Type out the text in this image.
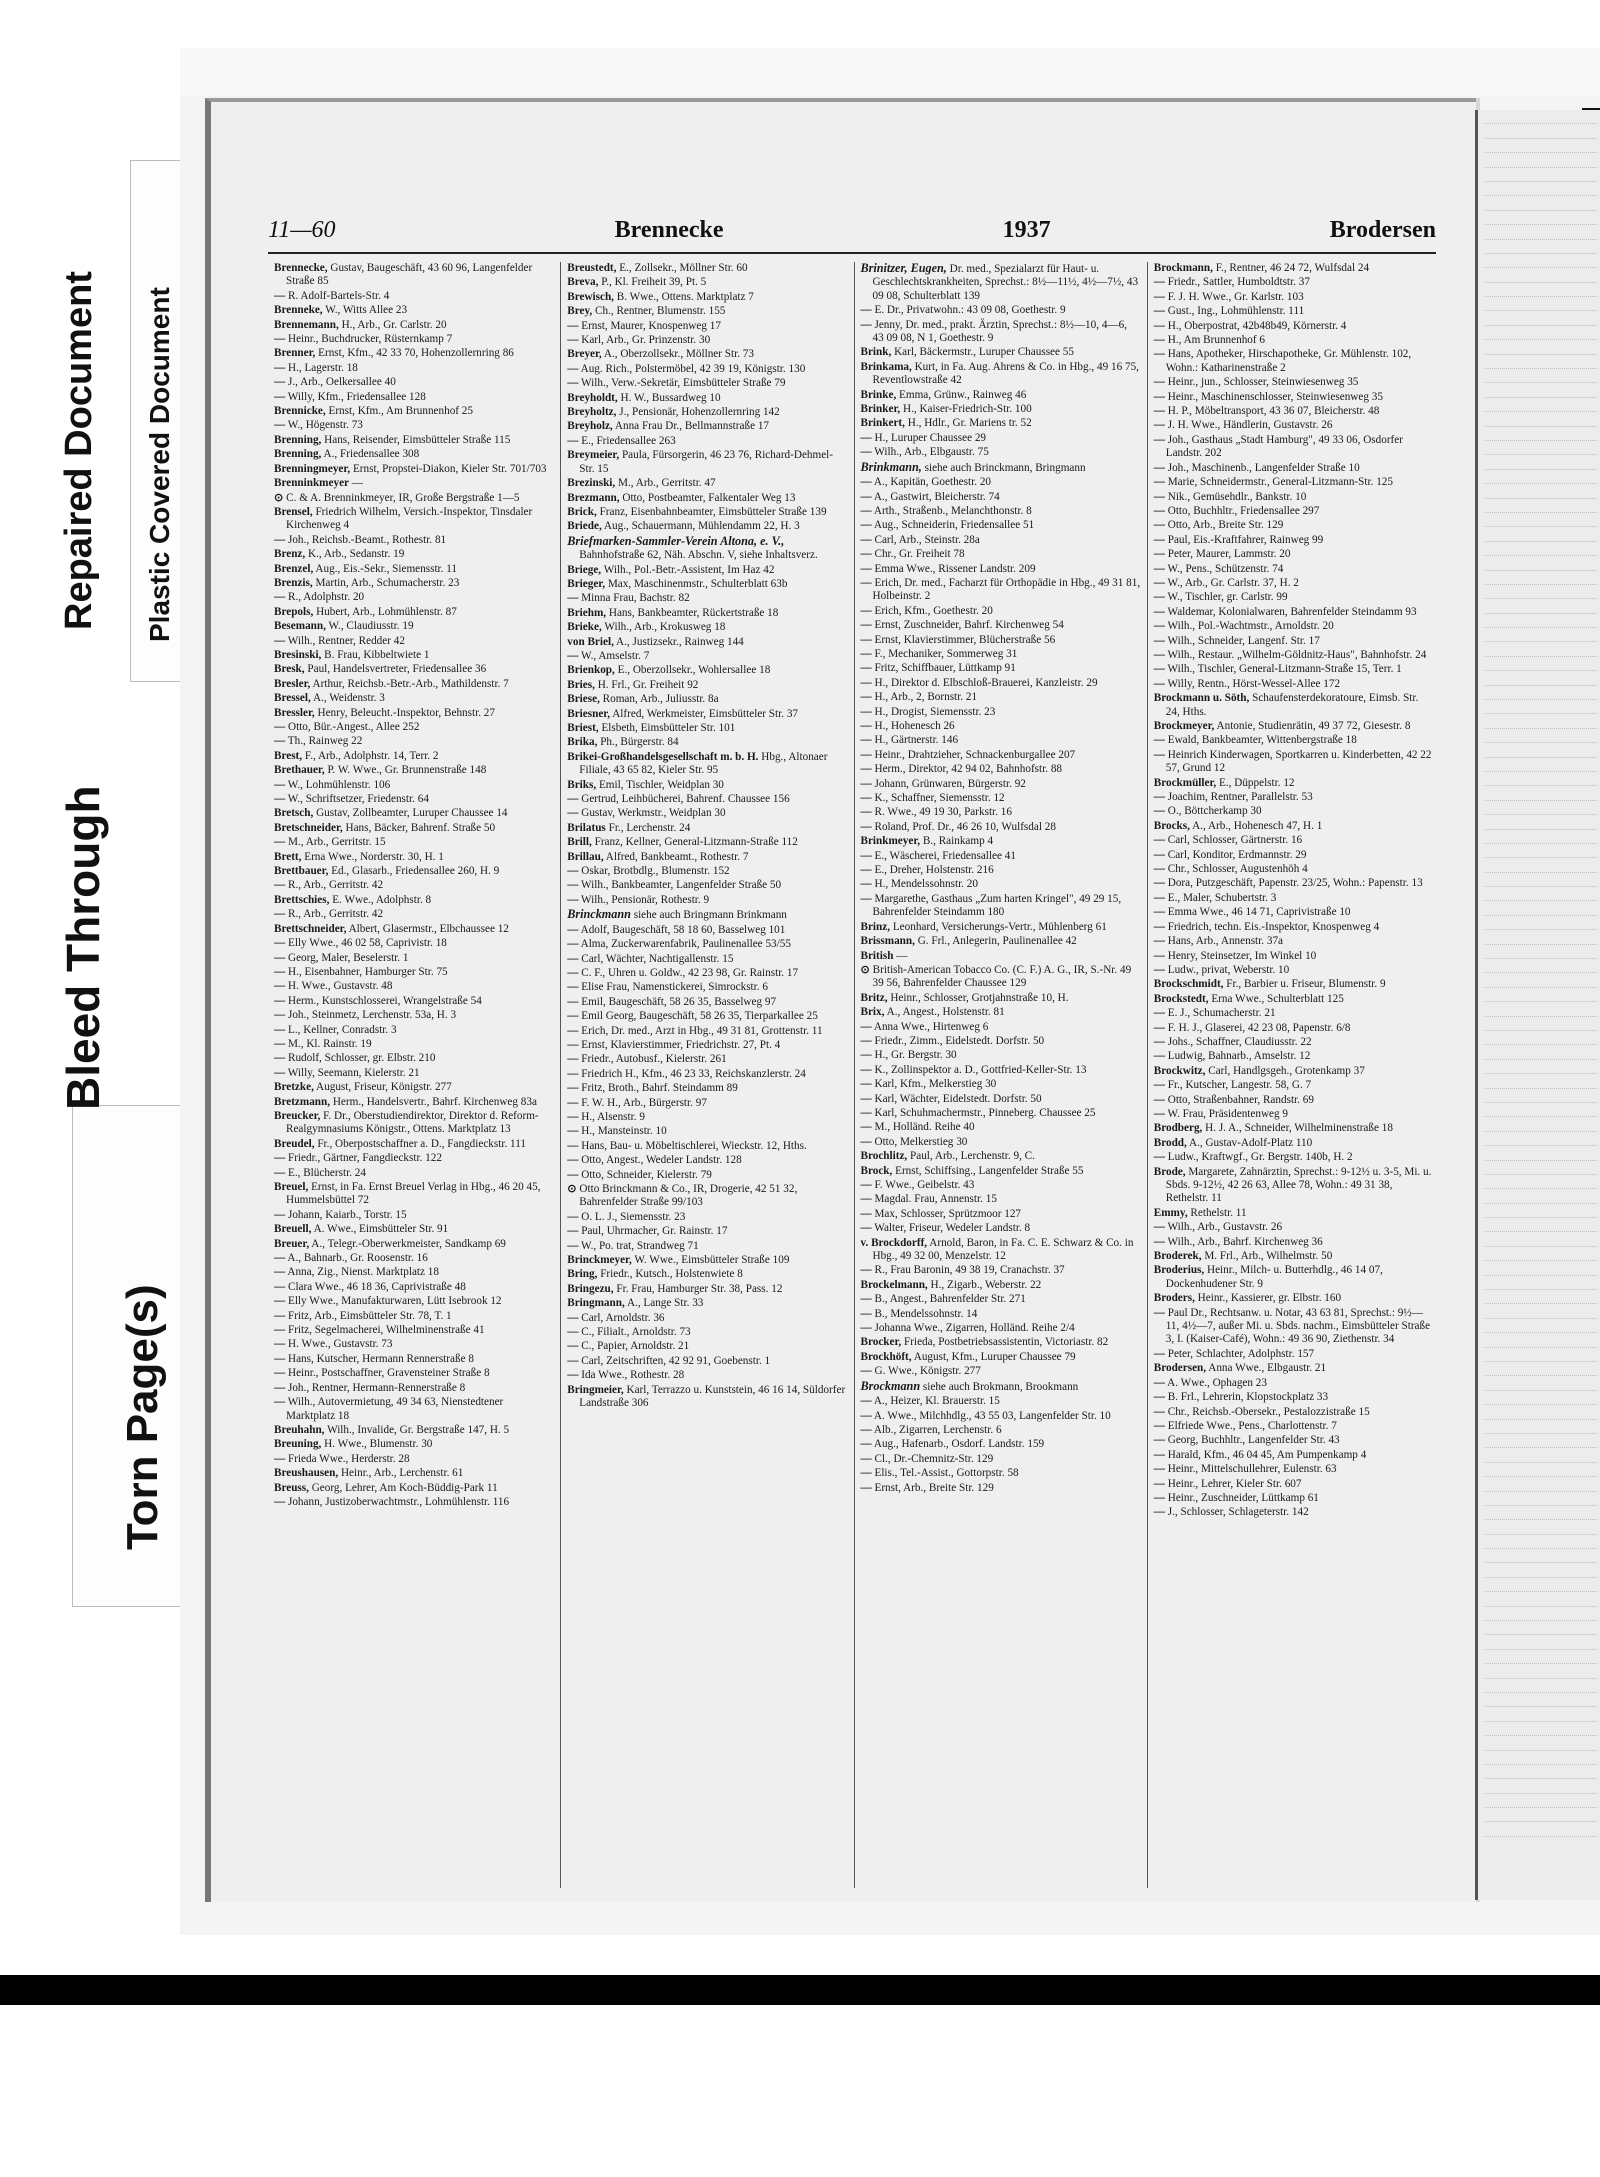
Repaired Document Plastic Covered Document
Bleed Through
Torn Page(s)
11—60	Brennecke	1937	Brodersen
Brennecke, Gustav, Baugeschäft, 43 60 96, Langenfelder Straße 85
— R. Adolf-Bartels-Str. 4
Brenneke, W., Witts Allee 23
Brennemann, H., Arb., Gr. Carlstr. 20
— Heinr., Buchdrucker, Rüsternkamp 7
Brenner, Ernst, Kfm., 42 33 70, Hohenzollernring 86
— H., Lagerstr. 18
— J., Arb., Oelkersallee 40
— Willy, Kfm., Friedensallee 128
Brennicke, Ernst, Kfm., Am Brunnenhof 25
— W., Högenstr. 73
Brenning, Hans, Reisender, Eimsbütteler Straße 115
Brenning, A., Friedensallee 308
Brenningmeyer, Ernst, Propstei-Diakon, Kieler Str. 701/703
Brenninkmeyer —
⊙ C. & A. Brenninkmeyer, IR, Große Bergstraße 1—5
Brensel, Friedrich Wilhelm, Versich.-Inspektor, Tinsdaler Kirchenweg 4
— Joh., Reichsb.-Beamt., Rothestr. 81
Brenz, K., Arb., Sedanstr. 19
Brenzel, Aug., Eis.-Sekr., Siemensstr. 11
Brenzis, Martin, Arb., Schumacherstr. 23
— R., Adolphstr. 20
Brepols, Hubert, Arb., Lohmühlenstr. 87
Besemann, W., Claudiusstr. 19
— Wilh., Rentner, Redder 42
Bresinski, B. Frau, Kibbeltwiete 1
Bresk, Paul, Handelsvertreter, Friedensallee 36
Bresler, Arthur, Reichsb.-Betr.-Arb., Mathildenstr. 7
Bressel, A., Weidenstr. 3
Bressler, Henry, Beleucht.-Inspektor, Behnstr. 27
— Otto, Bür.-Angest., Allee 252
— Th., Rainweg 22
Brest, F., Arb., Adolphstr. 14, Terr. 2
Brethauer, P. W. Wwe., Gr. Brunnenstraße 148
— W., Lohmühlenstr. 106
— W., Schriftsetzer, Friedenstr. 64
Bretsch, Gustav, Zollbeamter, Luruper Chaussee 14
Bretschneider, Hans, Bäcker, Bahrenf. Straße 50
— M., Arb., Gerritstr. 15
Brett, Erna Wwe., Norderstr. 30, H. 1
Brettbauer, Ed., Glasarb., Friedensallee 260, H. 9
— R., Arb., Gerritstr. 42
Brettschies, E. Wwe., Adolphstr. 8
— R., Arb., Gerritstr. 42
Brettschneider, Albert, Glasermstr., Elbchaussee 12
— Elly Wwe., 46 02 58, Caprivistr. 18
— Georg, Maler, Beselerstr. 1
— H., Eisenbahner, Hamburger Str. 75
— H. Wwe., Gustavstr. 48
— Herm., Kunstschlosserei, Wrangelstraße 54
— Joh., Steinmetz, Lerchenstr. 53a, H. 3
— L., Kellner, Conradstr. 3
— M., Kl. Rainstr. 19
— Rudolf, Schlosser, gr. Elbstr. 210
— Willy, Seemann, Kielerstr. 21
Bretzke, August, Friseur, Königstr. 277
Bretzmann, Herm., Handelsvertr., Bahrf. Kirchenweg 83a
Breucker, F. Dr., Oberstudiendirektor, Direktor d. Reform-Realgymnasiums Königstr., Ottens. Marktplatz 13
Breudel, Fr., Oberpostschaffner a. D., Fangdieckstr. 111
— Friedr., Gärtner, Fangdieckstr. 122
— E., Blücherstr. 24
Breuel, Ernst, in Fa. Ernst Breuel Verlag in Hbg., 46 20 45, Hummelsbüttel 72
— Johann, Kaiarb., Torstr. 15
Breuell, A. Wwe., Eimsbütteler Str. 91
Breuer, A., Telegr.-Oberwerkmeister, Sandkamp 69
— A., Bahnarb., Gr. Roosenstr. 16
— Anna, Zig., Nienst. Marktplatz 18
— Clara Wwe., 46 18 36, Caprivistraße 48
— Elly Wwe., Manufakturwaren, Lütt Isebrook 12
— Fritz, Arb., Eimsbütteler Str. 78, T. 1
— Fritz, Segelmacherei, Wilhelminenstraße 41
— H. Wwe., Gustavstr. 73
— Hans, Kutscher, Hermann Rennerstraße 8
— Heinr., Postschaffner, Gravensteiner Straße 8
— Joh., Rentner, Hermann-Rennerstraße 8
— Wilh., Autovermietung, 49 34 63, Nienstedtener Marktplatz 18
Breuhahn, Wilh., Invalide, Gr. Bergstraße 147, H. 5
Breuning, H. Wwe., Blumenstr. 30
— Frieda Wwe., Herderstr. 28
Breushausen, Heinr., Arb., Lerchenstr. 61
Breuss, Georg, Lehrer, Am Koch-Büddig-Park 11
— Johann, Justizoberwachtmstr., Lohmühlenstr. 116
Breustedt, E., Zollsekr., Möllner Str. 60
Breva, P., Kl. Freiheit 39, Pt. 5
Brewisch, B. Wwe., Ottens. Marktplatz 7
Brey, Ch., Rentner, Blumenstr. 155
— Ernst, Maurer, Knospenweg 17
— Karl, Arb., Gr. Prinzenstr. 30
Breyer, A., Oberzollsekr., Möllner Str. 73
— Aug. Rich., Polstermöbel, 42 39 19, Königstr. 130
— Wilh., Verw.-Sekretär, Eimsbütteler Straße 79
Breyholdt, H. W., Bussardweg 10
Breyholtz, J., Pensionär, Hohenzollernring 142
Breyholz, Anna Frau Dr., Bellmannstraße 17
— E., Friedensallee 263
Breymeier, Paula, Fürsorgerin, 46 23 76, Richard-Dehmel-Str. 15
Brezinski, M., Arb., Gerritstr. 47
Brezmann, Otto, Postbeamter, Falkentaler Weg 13
Brick, Franz, Eisenbahnbeamter, Eimsbütteler Straße 139
Briede, Aug., Schauermann, Mühlendamm 22, H. 3
Briefmarken-Sammler-Verein Altona, e. V., Bahnhofstraße 62, Näh. Abschn. V, siehe Inhaltsverz.
Briege, Wilh., Pol.-Betr.-Assistent, Im Haz 42
Brieger, Max, Maschinenmstr., Schulterblatt 63b
— Minna Frau, Bachstr. 82
Briehm, Hans, Bankbeamter, Rückertstraße 18
Brieke, Wilh., Arb., Krokusweg 18
von Briel, A., Justizsekr., Rainweg 144
— W., Amselstr. 7
Brienkop, E., Oberzollsekr., Wohlersallee 18
Bries, H. Frl., Gr. Freiheit 92
Briese, Roman, Arb., Juliusstr. 8a
Briesner, Alfred, Werkmeister, Eimsbütteler Str. 37
Briest, Elsbeth, Eimsbütteler Str. 101
Brika, Ph., Bürgerstr. 84
Brikei-Großhandelsgesellschaft m. b. H. Hbg., Altonaer Filiale, 43 65 82, Kieler Str. 95
Briks, Emil, Tischler, Weidplan 30
— Gertrud, Leihbücherei, Bahrenf. Chaussee 156
— Gustav, Werkmstr., Weidplan 30
Brilatus Fr., Lerchenstr. 24
Brill, Franz, Kellner, General-Litzmann-Straße 112
Brillau, Alfred, Bankbeamt., Rothestr. 7
— Oskar, Brotbdlg., Blumenstr. 152
— Wilh., Bankbeamter, Langenfelder Straße 50
— Wilh., Pensionär, Rothestr. 9
Brinckmann siehe auch Bringmann Brinkmann
— Adolf, Baugeschäft, 58 18 60, Basselweg 101
— Alma, Zuckerwarenfabrik, Paulinenallee 53/55
— Carl, Wächter, Nachtigallenstr. 15
— C. F., Uhren u. Goldw., 42 23 98, Gr. Rainstr. 17
— Elise Frau, Namenstickerei, Simrockstr. 6
— Emil, Baugeschäft, 58 26 35, Basselweg 97
— Emil Georg, Baugeschäft, 58 26 35, Tierparkallee 25
— Erich, Dr. med., Arzt in Hbg., 49 31 81, Grottenstr. 11
— Ernst, Klavierstimmer, Friedrichstr. 27, Pt. 4
— Friedr., Autobusf., Kielerstr. 261
— Friedrich H., Kfm., 46 23 33, Reichskanzlerstr. 24
— Fritz, Broth., Bahrf. Steindamm 89
— F. W. H., Arb., Bürgerstr. 97
— H., Alsenstr. 9
— H., Mansteinstr. 10
— Hans, Bau- u. Möbeltischlerei, Wieckstr. 12, Hths.
— Otto, Angest., Wedeler Landstr. 128
— Otto, Schneider, Kielerstr. 79
⊙ Otto Brinckmann & Co., IR, Drogerie, 42 51 32, Bahrenfelder Straße 99/103
— O. L. J., Siemensstr. 23
— Paul, Uhrmacher, Gr. Rainstr. 17
— W., Po. trat, Strandweg 71
Brinckmeyer, W. Wwe., Eimsbütteler Straße 109
Bring, Friedr., Kutsch., Holstenwiete 8
Bringezu, Fr. Frau, Hamburger Str. 38, Pass. 12
Bringmann, A., Lange Str. 33
— Carl, Arnoldstr. 36
— C., Filialt., Arnoldstr. 73
— C., Papier, Arnoldstr. 21
— Carl, Zeitschriften, 42 92 91, Goebenstr. 1
— Ida Wwe., Rothestr. 28
Bringmeier, Karl, Terrazzo u. Kunststein, 46 16 14, Süldorfer Landstraße 306
Brinitzer, Eugen, Dr. med., Spezialarzt für Haut- u. Geschlechtskrankheiten, Sprechst.: 8½—11½, 4½—7½, 43 09 08, Schulterblatt 139
— E. Dr., Privatwohn.: 43 09 08, Goethestr. 9
— Jenny, Dr. med., prakt. Ärztin, Sprechst.: 8½—10, 4—6, 43 09 08, N 1, Goethestr. 9
Brink, Karl, Bäckermstr., Luruper Chaussee 55
Brinkama, Kurt, in Fa. Aug. Ahrens & Co. in Hbg., 49 16 75, Reventlowstraße 42
Brinke, Emma, Grünw., Rainweg 46
Brinker, H., Kaiser-Friedrich-Str. 100
Brinkert, H., Hdlr., Gr. Mariens tr. 52
— H., Luruper Chaussee 29
— Wilh., Arb., Elbgaustr. 75
Brinkmann, siehe auch Brinckmann, Bringmann
— A., Kapitän, Goethestr. 20
— A., Gastwirt, Bleicherstr. 74
— Arth., Straßenb., Melanchthonstr. 8
— Aug., Schneiderin, Friedensallee 51
— Carl, Arb., Steinstr. 28a
— Chr., Gr. Freiheit 78
— Emma Wwe., Rissener Landstr. 209
— Erich, Dr. med., Facharzt für Orthopädie in Hbg., 49 31 81, Holbeinstr. 2
— Erich, Kfm., Goethestr. 20
— Ernst, Zuschneider, Bahrf. Kirchenweg 54
— Ernst, Klavierstimmer, Blücherstraße 56
— F., Mechaniker, Sommerweg 31
— Fritz, Schiffbauer, Lüttkamp 91
— H., Direktor d. Elbschloß-Brauerei, Kanzleistr. 29
— H., Arb., 2, Bornstr. 21
— H., Drogist, Siemensstr. 23
— H., Hohenesch 26
— H., Gärtnerstr. 146
— Heinr., Drahtzieher, Schnackenburgallee 207
— Herm., Direktor, 42 94 02, Bahnhofstr. 88
— Johann, Grünwaren, Bürgerstr. 92
— K., Schaffner, Siemensstr. 12
— R. Wwe., 49 19 30, Parkstr. 16
— Roland, Prof. Dr., 46 26 10, Wulfsdal 28
Brinkmeyer, B., Rainkamp 4
— E., Wäscherei, Friedensallee 41
— E., Dreher, Holstenstr. 216
— H., Mendelssohnstr. 20
— Margarethe, Gasthaus „Zum harten Kringel", 49 29 15, Bahrenfelder Steindamm 180
Brinz, Leonhard, Versicherungs-Vertr., Mühlenberg 61
Brissmann, G. Frl., Anlegerin, Paulinenallee 42
British —
⊙ British-American Tobacco Co. (C. F.) A. G., IR, S.-Nr. 49 39 56, Bahrenfelder Chaussee 129
Britz, Heinr., Schlosser, Grotjahnstraße 10, H.
Brix, A., Angest., Holstenstr. 81
— Anna Wwe., Hirtenweg 6
— Friedr., Zimm., Eidelstedt. Dorfstr. 50
— H., Gr. Bergstr. 30
— K., Zollinspektor a. D., Gottfried-Keller-Str. 13
— Karl, Kfm., Melkerstieg 30
— Karl, Wächter, Eidelstedt. Dorfstr. 50
— Karl, Schuhmachermstr., Pinneberg. Chaussee 25
— M., Holländ. Reihe 40
— Otto, Melkerstieg 30
Brochlitz, Paul, Arb., Lerchenstr. 9, C.
Brock, Ernst, Schiffsing., Langenfelder Straße 55
— F. Wwe., Geibelstr. 43
— Magdal. Frau, Annenstr. 15
— Max, Schlosser, Sprützmoor 127
— Walter, Friseur, Wedeler Landstr. 8
v. Brockdorff, Arnold, Baron, in Fa. C. E. Schwarz & Co. in Hbg., 49 32 00, Menzelstr. 12
— R., Frau Baronin, 49 38 19, Cranachstr. 37
Brockelmann, H., Zigarb., Weberstr. 22
— B., Angest., Bahrenfelder Str. 271
— B., Mendelssohnstr. 14
— Johanna Wwe., Zigarren, Holländ. Reihe 2/4
Brocker, Frieda, Postbetriebsassistentin, Victoriastr. 82
Brockhöft, August, Kfm., Luruper Chaussee 79
— G. Wwe., Königstr. 277
Brockmann siehe auch Brokmann, Brookmann
— A., Heizer, Kl. Brauerstr. 15
— A. Wwe., Milchhdlg., 43 55 03, Langenfelder Str. 10
— Alb., Zigarren, Lerchenstr. 6
— Aug., Hafenarb., Osdorf. Landstr. 159
— Cl., Dr.-Chemnitz-Str. 129
— Elis., Tel.-Assist., Gottorpstr. 58
— Ernst, Arb., Breite Str. 129
Brockmann, F., Rentner, 46 24 72, Wulfsdal 24
— Friedr., Sattler, Humboldtstr. 37
— F. J. H. Wwe., Gr. Karlstr. 103
— Gust., Ing., Lohmühlenstr. 111
— H., Oberpostrat, 42b48b49, Körnerstr. 4
— H., Am Brunnenhof 6
— Hans, Apotheker, Hirschapotheke, Gr. Mühlenstr. 102, Wohn.: Katharinenstraße 2
— Heinr., jun., Schlosser, Steinwiesenweg 35
— Heinr., Maschinenschlosser, Steinwiesenweg 35
— H. P., Möbeltransport, 43 36 07, Bleicherstr. 48
— J. H. Wwe., Händlerin, Gustavstr. 26
— Joh., Gasthaus „Stadt Hamburg", 49 33 06, Osdorfer Landstr. 202
— Joh., Maschinenb., Langenfelder Straße 10
— Marie, Schneidermstr., General-Litzmann-Str. 125
— Nik., Gemüsehdlr., Bankstr. 10
— Otto, Buchhltr., Friedensallee 297
— Otto, Arb., Breite Str. 129
— Paul, Eis.-Kraftfahrer, Rainweg 99
— Peter, Maurer, Lammstr. 20
— W., Pens., Schützenstr. 74
— W., Arb., Gr. Carlstr. 37, H. 2
— W., Tischler, gr. Carlstr. 99
— Waldemar, Kolonialwaren, Bahrenfelder Steindamm 93
— Wilh., Pol.-Wachtmstr., Arnoldstr. 20
— Wilh., Schneider, Langenf. Str. 17
— Wilh., Restaur. „Wilhelm-Göldnitz-Haus", Bahnhofstr. 24
— Wilh., Tischler, General-Litzmann-Straße 15, Terr. 1
— Willy, Rentn., Hörst-Wessel-Allee 172
Brockmann u. Söth, Schaufensterdekoratoure, Eimsb. Str. 24, Hths.
Brockmeyer, Antonie, Studienrätin, 49 37 72, Giesestr. 8
— Ewald, Bankbeamter, Wittenbergstraße 18
— Heinrich Kinderwagen, Sportkarren u. Kinderbetten, 42 22 57, Grund 12
Brockmüller, E., Düppelstr. 12
— Joachim, Rentner, Parallelstr. 53
— O., Böttcherkamp 30
Brocks, A., Arb., Hohenesch 47, H. 1
— Carl, Schlosser, Gärtnerstr. 16
— Carl, Konditor, Erdmannstr. 29
— Chr., Schlosser, Augustenhöh 4
— Dora, Putzgeschäft, Papenstr. 23/25, Wohn.: Papenstr. 13
— E., Maler, Schubertstr. 3
— Emma Wwe., 46 14 71, Caprivistraße 10
— Friedrich, techn. Eis.-Inspektor, Knospenweg 4
— Hans, Arb., Annenstr. 37a
— Henry, Steinsetzer, Im Winkel 10
— Ludw., privat, Weberstr. 10
Brockschmidt, Fr., Barbier u. Friseur, Blumenstr. 9
Brockstedt, Erna Wwe., Schulterblatt 125
— E. J., Schumacherstr. 21
— F. H. J., Glaserei, 42 23 08, Papenstr. 6/8
— Johs., Schaffner, Claudiusstr. 22
— Ludwig, Bahnarb., Amselstr. 12
Brockwitz, Carl, Handlgsgeh., Grotenkamp 37
— Fr., Kutscher, Langestr. 58, G. 7
— Otto, Straßenbahner, Randstr. 69
— W. Frau, Präsidentenweg 9
Brodberg, H. J. A., Schneider, Wilhelminenstraße 18
Brodd, A., Gustav-Adolf-Platz 110
— Ludw., Kraftwgf., Gr. Bergstr. 140b, H. 2
Brode, Margarete, Zahnärztin, Sprechst.: 9-12½ u. 3-5, Mi. u. Sbds. 9-12½, 42 26 63, Allee 78, Wohn.: 49 31 38, Rethelstr. 11
Emmy, Rethelstr. 11
— Wilh., Arb., Gustavstr. 26
— Wilh., Arb., Bahrf. Kirchenweg 36
Broderek, M. Frl., Arb., Wilhelmstr. 50
Broderius, Heinr., Milch- u. Butterhdlg., 46 14 07, Dockenhudener Str. 9
Broders, Heinr., Kassierer, gr. Elbstr. 160
— Paul Dr., Rechtsanw. u. Notar, 43 63 81, Sprechst.: 9½—11, 4½—7, außer Mi. u. Sbds. nachm., Eimsbütteler Straße 3, I. (Kaiser-Café), Wohn.: 49 36 90, Ziethenstr. 34
— Peter, Schlachter, Adolphstr. 157
Brodersen, Anna Wwe., Elbgaustr. 21
— A. Wwe., Ophagen 23
— B. Frl., Lehrerin, Klopstockplatz 33
— Chr., Reichsb.-Obersekr., Pestalozzistraße 15
— Elfriede Wwe., Pens., Charlottenstr. 7
— Georg, Buchhltr., Langenfelder Str. 43
— Harald, Kfm., 46 04 45, Am Pumpenkamp 4
— Heinr., Mittelschullehrer, Eulenstr. 63
— Heinr., Lehrer, Kieler Str. 607
— Heinr., Zuschneider, Lüttkamp 61
— J., Schlosser, Schlageterstr. 142
